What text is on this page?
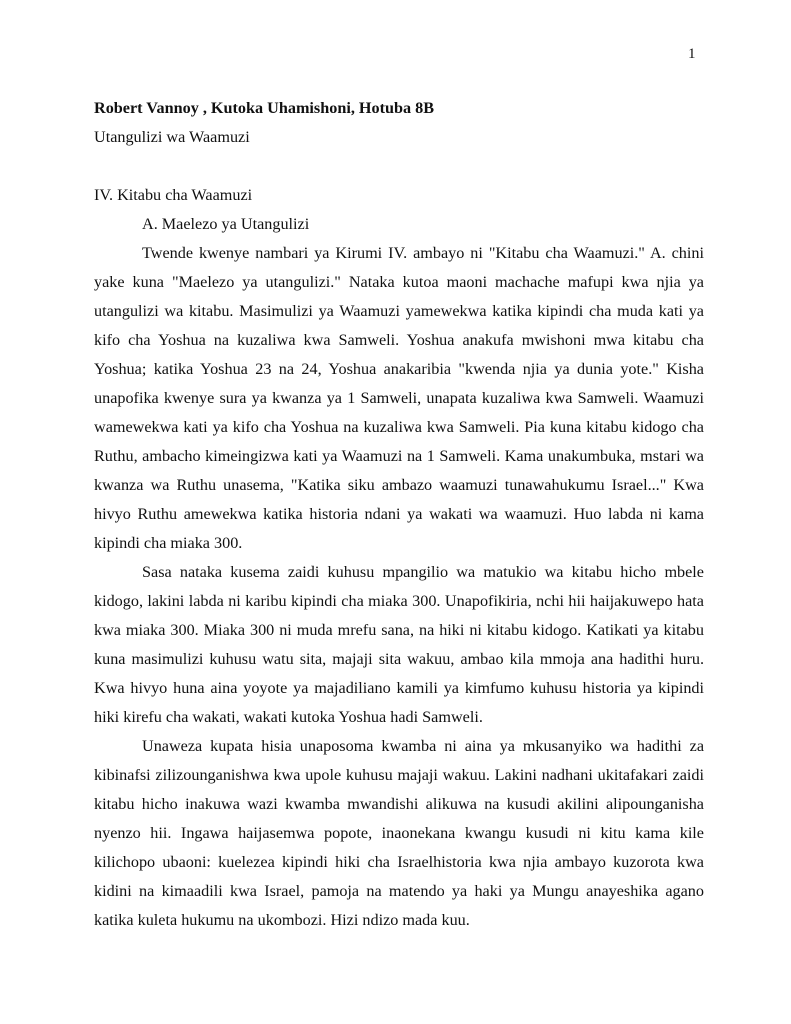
1

Robert Vannoy , Kutoka Uhamishoni, Hotuba 8B

Utangulizi wa Waamuzi

IV. Kitabu cha Waamuzi

A. Maelezo ya Utangulizi

Twende kwenye nambari ya Kirumi IV. ambayo ni "Kitabu cha Waamuzi." A. chini yake kuna "Maelezo ya utangulizi." Nataka kutoa maoni machache mafupi kwa njia ya utangulizi wa kitabu. Masimulizi ya Waamuzi yamewekwa katika kipindi cha muda kati ya kifo cha Yoshua na kuzaliwa kwa Samweli. Yoshua anakufa mwishoni mwa kitabu cha Yoshua; katika Yoshua 23 na 24, Yoshua anakaribia "kwenda njia ya dunia yote." Kisha unapofika kwenye sura ya kwanza ya 1 Samweli, unapata kuzaliwa kwa Samweli. Waamuzi wamewekwa kati ya kifo cha Yoshua na kuzaliwa kwa Samweli. Pia kuna kitabu kidogo cha Ruthu, ambacho kimeingizwa kati ya Waamuzi na 1 Samweli. Kama unakumbuka, mstari wa kwanza wa Ruthu unasema, "Katika siku ambazo waamuzi tunawahukumu Israel..." Kwa hivyo Ruthu amewekwa katika historia ndani ya wakati wa waamuzi. Huo labda ni kama kipindi cha miaka 300.

Sasa nataka kusema zaidi kuhusu mpangilio wa matukio wa kitabu hicho mbele kidogo, lakini labda ni karibu kipindi cha miaka 300. Unapofikiria, nchi hii haijakuwepo hata kwa miaka 300. Miaka 300 ni muda mrefu sana, na hiki ni kitabu kidogo. Katikati ya kitabu kuna masimulizi kuhusu watu sita, majaji sita wakuu, ambao kila mmoja ana hadithi huru. Kwa hivyo huna aina yoyote ya majadiliano kamili ya kimfumo kuhusu historia ya kipindi hiki kirefu cha wakati, wakati kutoka Yoshua hadi Samweli.

Unaweza kupata hisia unaposoma kwamba ni aina ya mkusanyiko wa hadithi za kibinafsi zilizounganishwa kwa upole kuhusu majaji wakuu. Lakini nadhani ukitafakari zaidi kitabu hicho inakuwa wazi kwamba mwandishi alikuwa na kusudi akilini alipounganisha nyenzo hii. Ingawa haijasemwa popote, inaonekana kwangu kusudi ni kitu kama kile kilichopo ubaoni: kuelezea kipindi hiki cha Israelhistoria kwa njia ambayo kuzorota kwa kidini na kimaadili kwa Israel, pamoja na matendo ya haki ya Mungu anayeshika agano katika kuleta hukumu na ukombozi. Hizi ndizo mada kuu.
